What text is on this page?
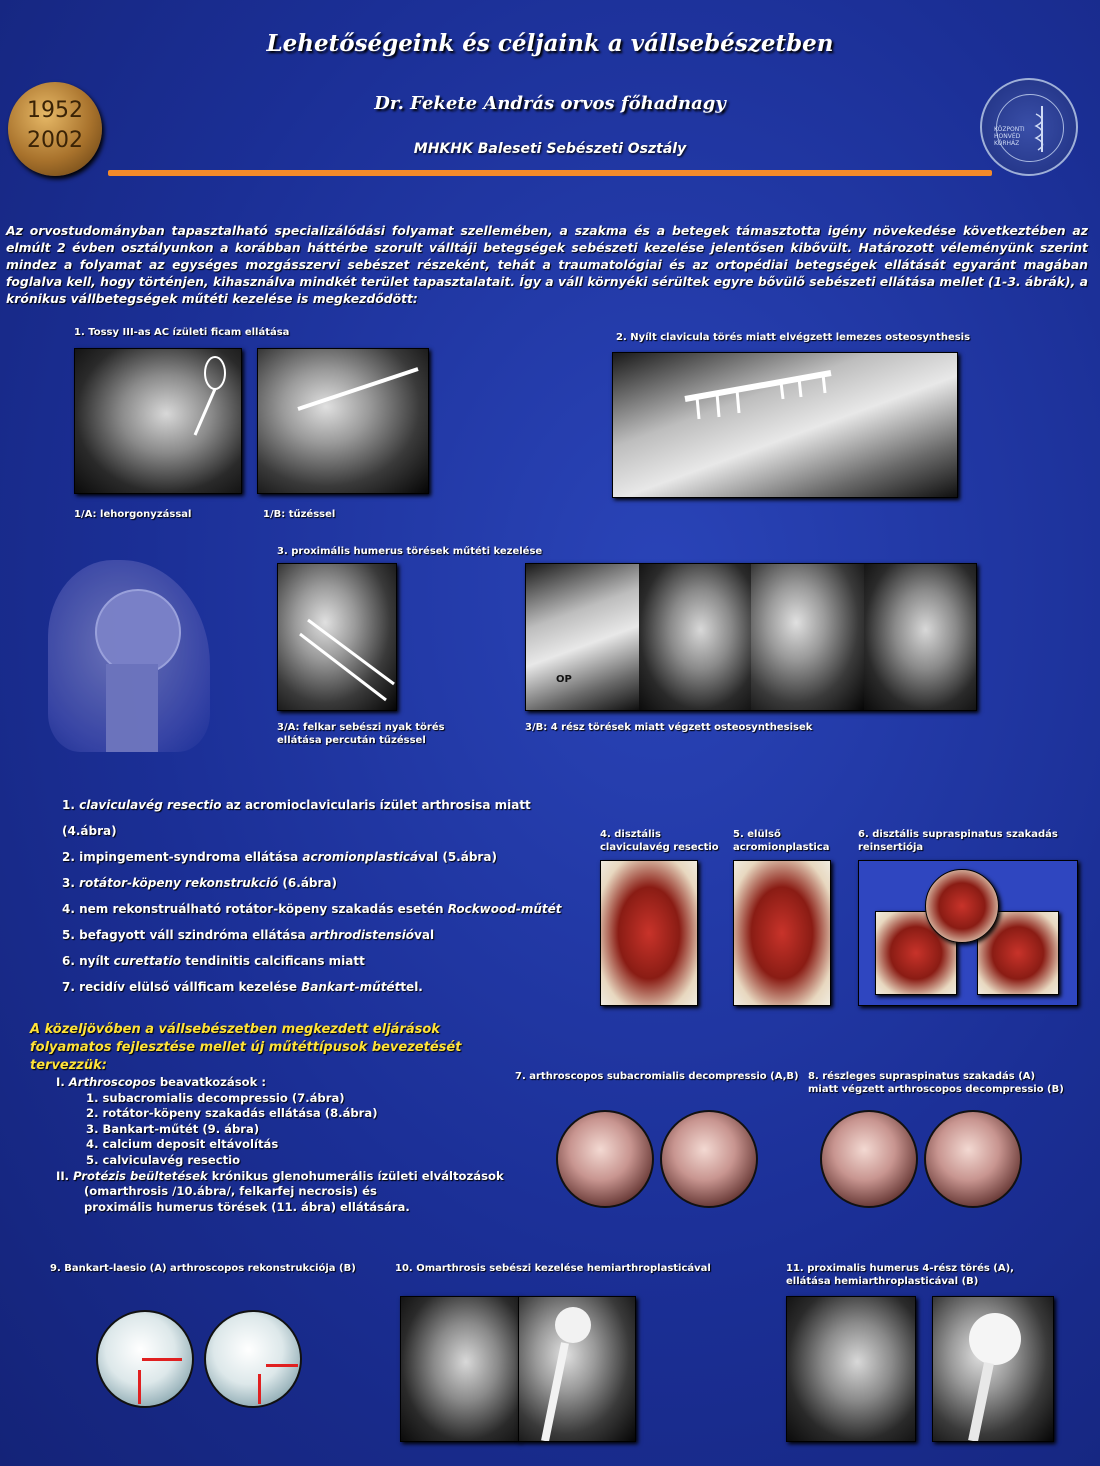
Lehetőségeink és céljaink a vállsebészetben
Dr. Fekete András orvos főhadnagy
MHKHK Baleseti Sebészeti Osztály
1952
2002	KÖZPONTI
HONVÉD
KÓRHÁZ
Az orvostudományban tapasztalható specializálódási folyamat szellemében, a szakma és a betegek támasztotta igény növekedése következtében az elmúlt 2 évben osztályunkon a korábban háttérbe szorult válltáji betegségek sebészeti kezelése jelentősen kibővült. Határozott véleményünk szerint mindez a folyamat az egységes mozgásszervi sebészet részeként, tehát a traumatológiai és az ortopédiai betegségek ellátását egyaránt magában foglalva kell, hogy történjen, kihasználva mindkét terület tapasztalatait. Így a váll környéki sérültek egyre bővülő sebészeti ellátása mellet (1-3. ábrák), a krónikus vállbetegségek műtéti kezelése is megkezdődött:
1. Tossy III-as AC ízületi ficam ellátása
1/A: lehorgonyzással	1/B: tűzéssel
2. Nyílt clavicula törés miatt elvégzett lemezes osteosynthesis
3. proximális humerus törések műtéti kezelése
OP
3/A: felkar sebészi nyak törés ellátása percután tűzéssel
3/B: 4 rész törések miatt végzett osteosynthesisek
1. claviculavég resectio az acromioclavicularis ízület arthrosisa miatt (4.ábra)
2. impingement-syndroma ellátása acromionplasticával (5.ábra)
3. rotátor-köpeny rekonstrukció (6.ábra)
4. nem rekonstruálható rotátor-köpeny szakadás esetén Rockwood-műtét
5. befagyott váll szindróma ellátása arthrodistensióval
6. nyílt curettatio tendinitis calcificans miatt
7. recidív elülső vállficam kezelése Bankart-műtéttel.
4. disztális claviculavég resectio
5. elülső acromionplastica
6. disztális supraspinatus szakadás reinsertiója
A közeljövőben a vállsebészetben megkezdett eljárások folyamatos fejlesztése mellet új műtéttípusok bevezetését tervezzük:
I. Arthroscopos beavatkozások :
1. subacromialis decompressio (7.ábra)
2. rotátor-köpeny szakadás ellátása (8.ábra)
3. Bankart-műtét (9. ábra)
4. calcium deposit eltávolítás
5. calviculavég resectio
II. Protézis beültetések krónikus glenohumerális ízületi elváltozások
(omarthrosis /10.ábra/, felkarfej necrosis) és
proximális humerus törések (11. ábra) ellátására.
7. arthroscopos subacromialis decompressio (A,B) 8. részleges supraspinatus szakadás (A) miatt végzett arthroscopos decompressio (B)
9. Bankart-laesio (A) arthroscopos rekonstrukciója (B)	10. Omarthrosis sebészi kezelése hemiarthroplasticával	11. proximalis humerus 4-rész törés (A), ellátása hemiarthroplasticával (B)
